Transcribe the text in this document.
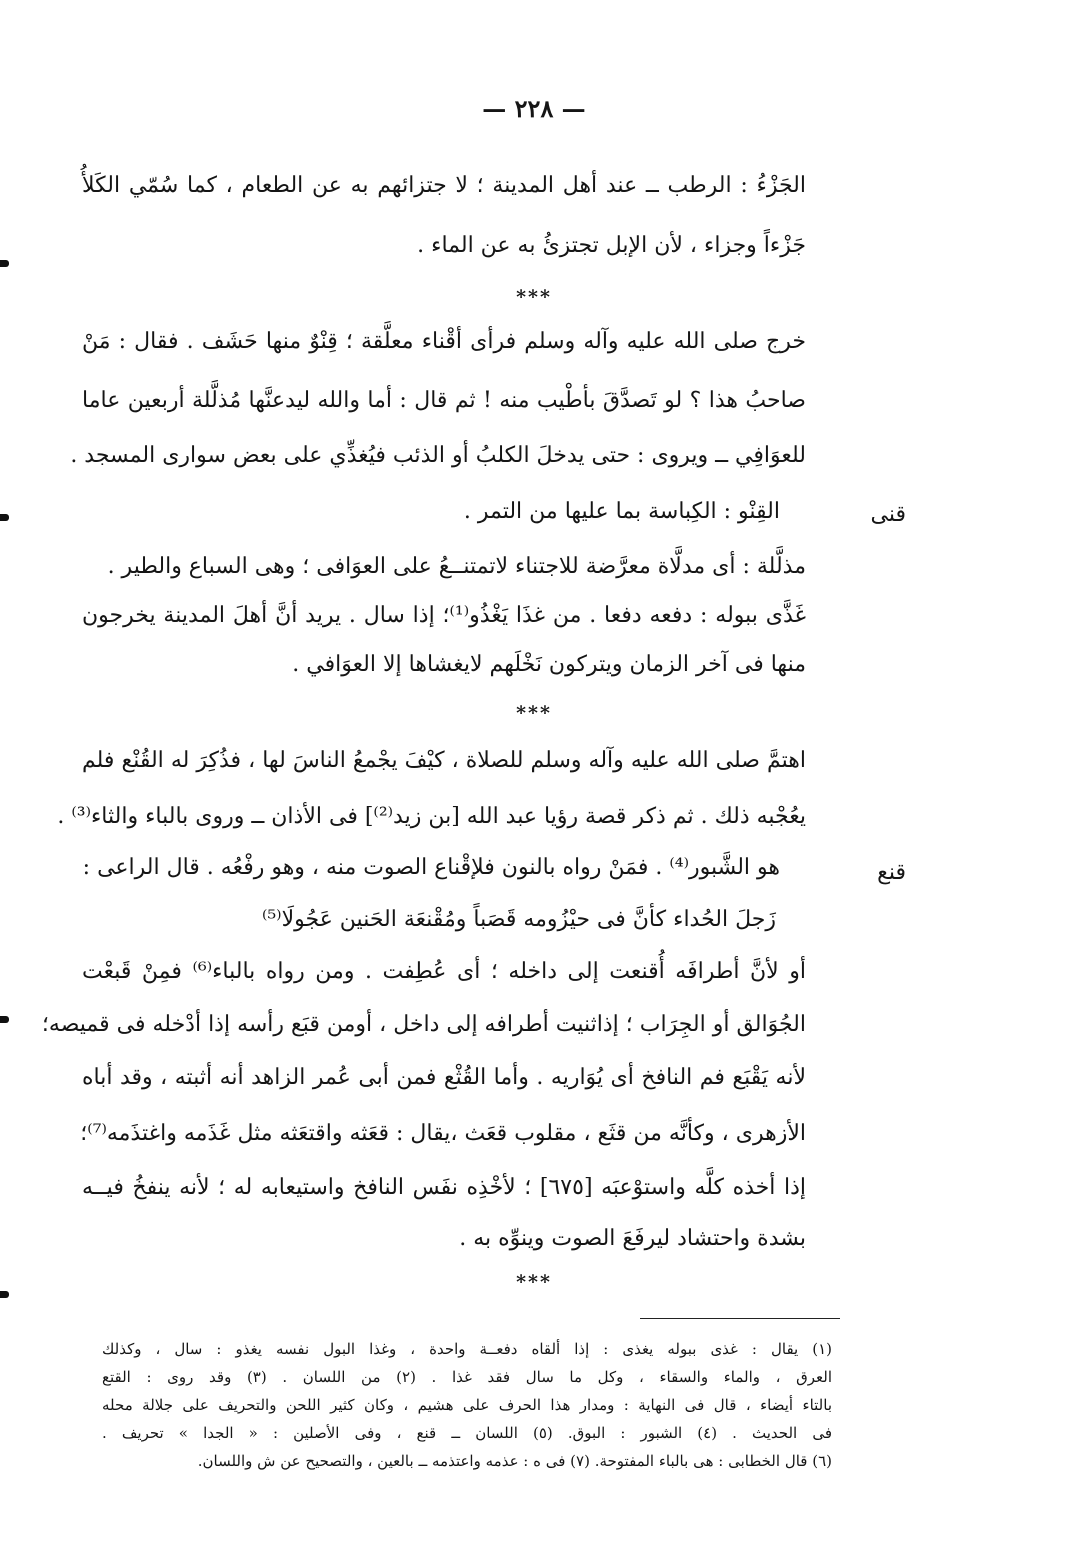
— ٢٢٨ —
الجَزْءُ : الرطب ــ عند أهل المدينة ؛ لا جتزائهم به عن الطعام ، كما سُمّي الكَلأُ
جَزْءاً وجزاء ، لأن الإبل تجتزئُ به عن الماء .
***
خرج صلى الله عليه وآله وسلم فرأى أقْناء معلَّقة ؛ قِنْوٌ منها حَشَف . فقال : مَنْ
صاحبُ هذا ؟ لو تَصدَّقَ بأطْيب منه ! ثم قال : أما والله ليدعنَّها مُذلَّلة أربعين عاما
للعوَافِي ــ ويروى : حتى يدخلَ الكلبُ أو الذئب فيُغذِّي على بعض سوارى المسجد .
قنى
القِنْو : الكِباسة بما عليها من التمر .
مذلَّلة : أى مدلَّاة معرَّضة للاجتناء لاتمتنــعُ على العوَافى ؛ وهى السباع والطير .
غَذَّى ببوله : دفعه دفعا . من غذَا يَغْذُو⁽¹⁾؛ إذا سال . يريد أنَّ أهلَ المدينة يخرجون
منها فى آخر الزمان ويتركون نَخْلَهم لايغشاها إلا العوَافي .
***
اهتمَّ صلى الله عليه وآله وسلم للصلاة ، كيْفَ يجْمعُ الناسَ لها ، فذُكِرَ له القُنْع فلم
يعُجْبه ذلك . ثم ذكر قصة رؤيا عبد الله [بن زيد⁽²⁾] فى الأذان ــ وروى بالباء والثاء⁽³⁾ .
قنع
هو الشَّبور⁽⁴⁾ . فمَنْ رواه بالنون فلإقْناع الصوت منه ، وهو رفْعُه . قال الراعى :
زَجلَ الحُداء كأنَّ فى حيْزُومه قَصَباً ومُقْنعَة الحَنين عَجُولَا⁽⁵⁾
أو لأنَّ أطرافَه أُقنعت إلى داخله ؛ أى عُطِفت . ومن رواه بالباء⁽⁶⁾ فمِنْ قَبعْت
الجُوَالق أو الجِرَاب ؛ إذاثنيت أطرافه إلى داخل ، أومن قبَع رأسه إذا أدْخله فى قميصه؛
لأنه يَقْبَع فم النافخ أى يُوَاريه . وأما القُثْع فمن أبى عُمر الزاهد أنه أثبته ، وقد أباه
الأزهرى ، وكأنَّه من قثَع ، مقلوب قعَث ،يقال : قعَثه واقتعَثه مثل غَذَمه واغتذَمه⁽⁷⁾؛
إذا أخذه كلَّه واستوْعبَه [٦٧٥] ؛ لأخْذِه نفَس النافخ واستيعابه له ؛ لأنه ينفخُ فيــه
بشدة واحتشاد ليرفَعَ الصوت وينوِّه به .
***
(١) يقال : غذى ببوله يغذى : إذا ألقاه دفعــة واحدة ، وغذا البول نفسه يغذو : سال ، وكذلك
العرق ، والماء والسقاء ، وكل ما سال فقد غذا . (٢) من اللسان . (٣) وقد روى : القتع
بالتاء أيضاء ، قال فى النهاية : ومدار هذا الحرف على هشيم ، وكان كثير اللحن والتحريف على جلالة محله
فى الحديث . (٤) الشبور : البوق. (٥) اللسان ــ قنع ، وفى الأصلين : « الجدا » تحريف .
(٦) قال الخطابى : هى بالباء المفتوحة. (٧) فى ه : عذمه واعتذمه ــ بالعين ، والتصحيح عن ش واللسان.
